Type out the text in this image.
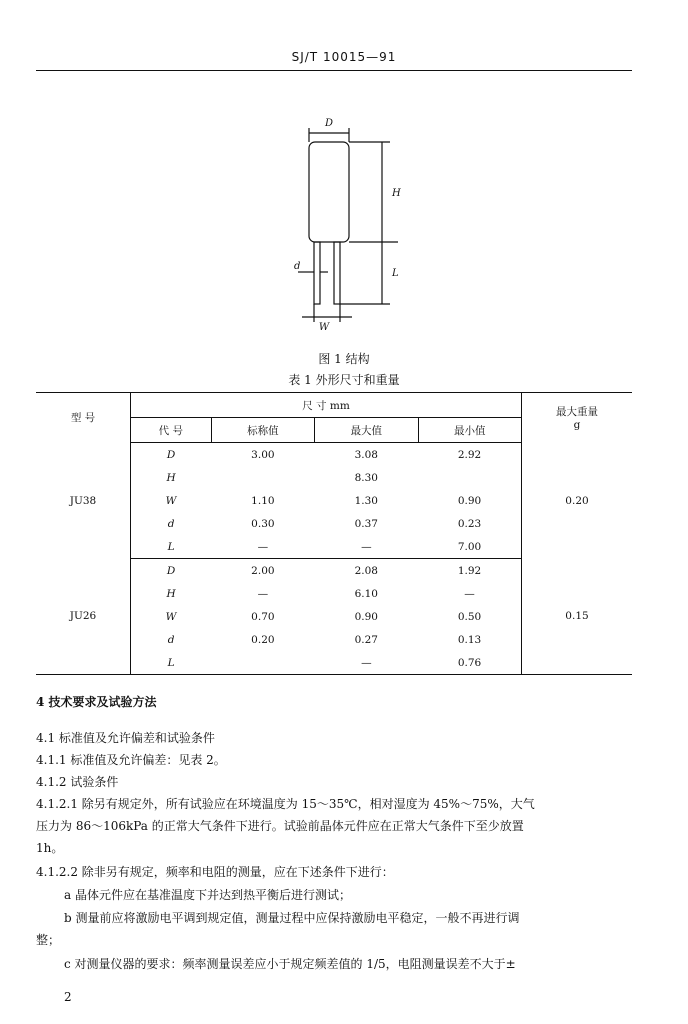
SJ/T 10015—91
D
H
L
d
W
图 1 结构
表 1 外形尺寸和重量
型 号	尺 寸 mm				最大重量
g

	代 号	标称值	最大值	最小值	
JU38	D	3.00	3.08	2.92	0.20
	H		8.30		
	W	1.10	1.30	0.90	
	d	0.30	0.37	0.23	
	L	—	—	7.00	
JU26	D	2.00	2.08	1.92	0.15
	H	—	6.10	—	
	W	0.70	0.90	0.50	
	d	0.20	0.27	0.13	
	L		—	0.76	
4 技术要求及试验方法
4.1 标准值及允许偏差和试验条件
4.1.1 标准值及允许偏差：见表 2。
4.1.2 试验条件
4.1.2.1 除另有规定外，所有试验应在环境温度为 15～35℃，相对湿度为 45%～75%，大气
压力为 86～106kPa 的正常大气条件下进行。试验前晶体元件应在正常大气条件下至少放置
1h。
4.1.2.2 除非另有规定，频率和电阻的测量，应在下述条件下进行：
a 晶体元件应在基准温度下并达到热平衡后进行测试；
b 测量前应将激励电平调到规定值，测量过程中应保持激励电平稳定，一般不再进行调
整；
c 对测量仪器的要求：频率测量误差应小于规定频差值的 1/5，电阻测量误差不大于±
2
